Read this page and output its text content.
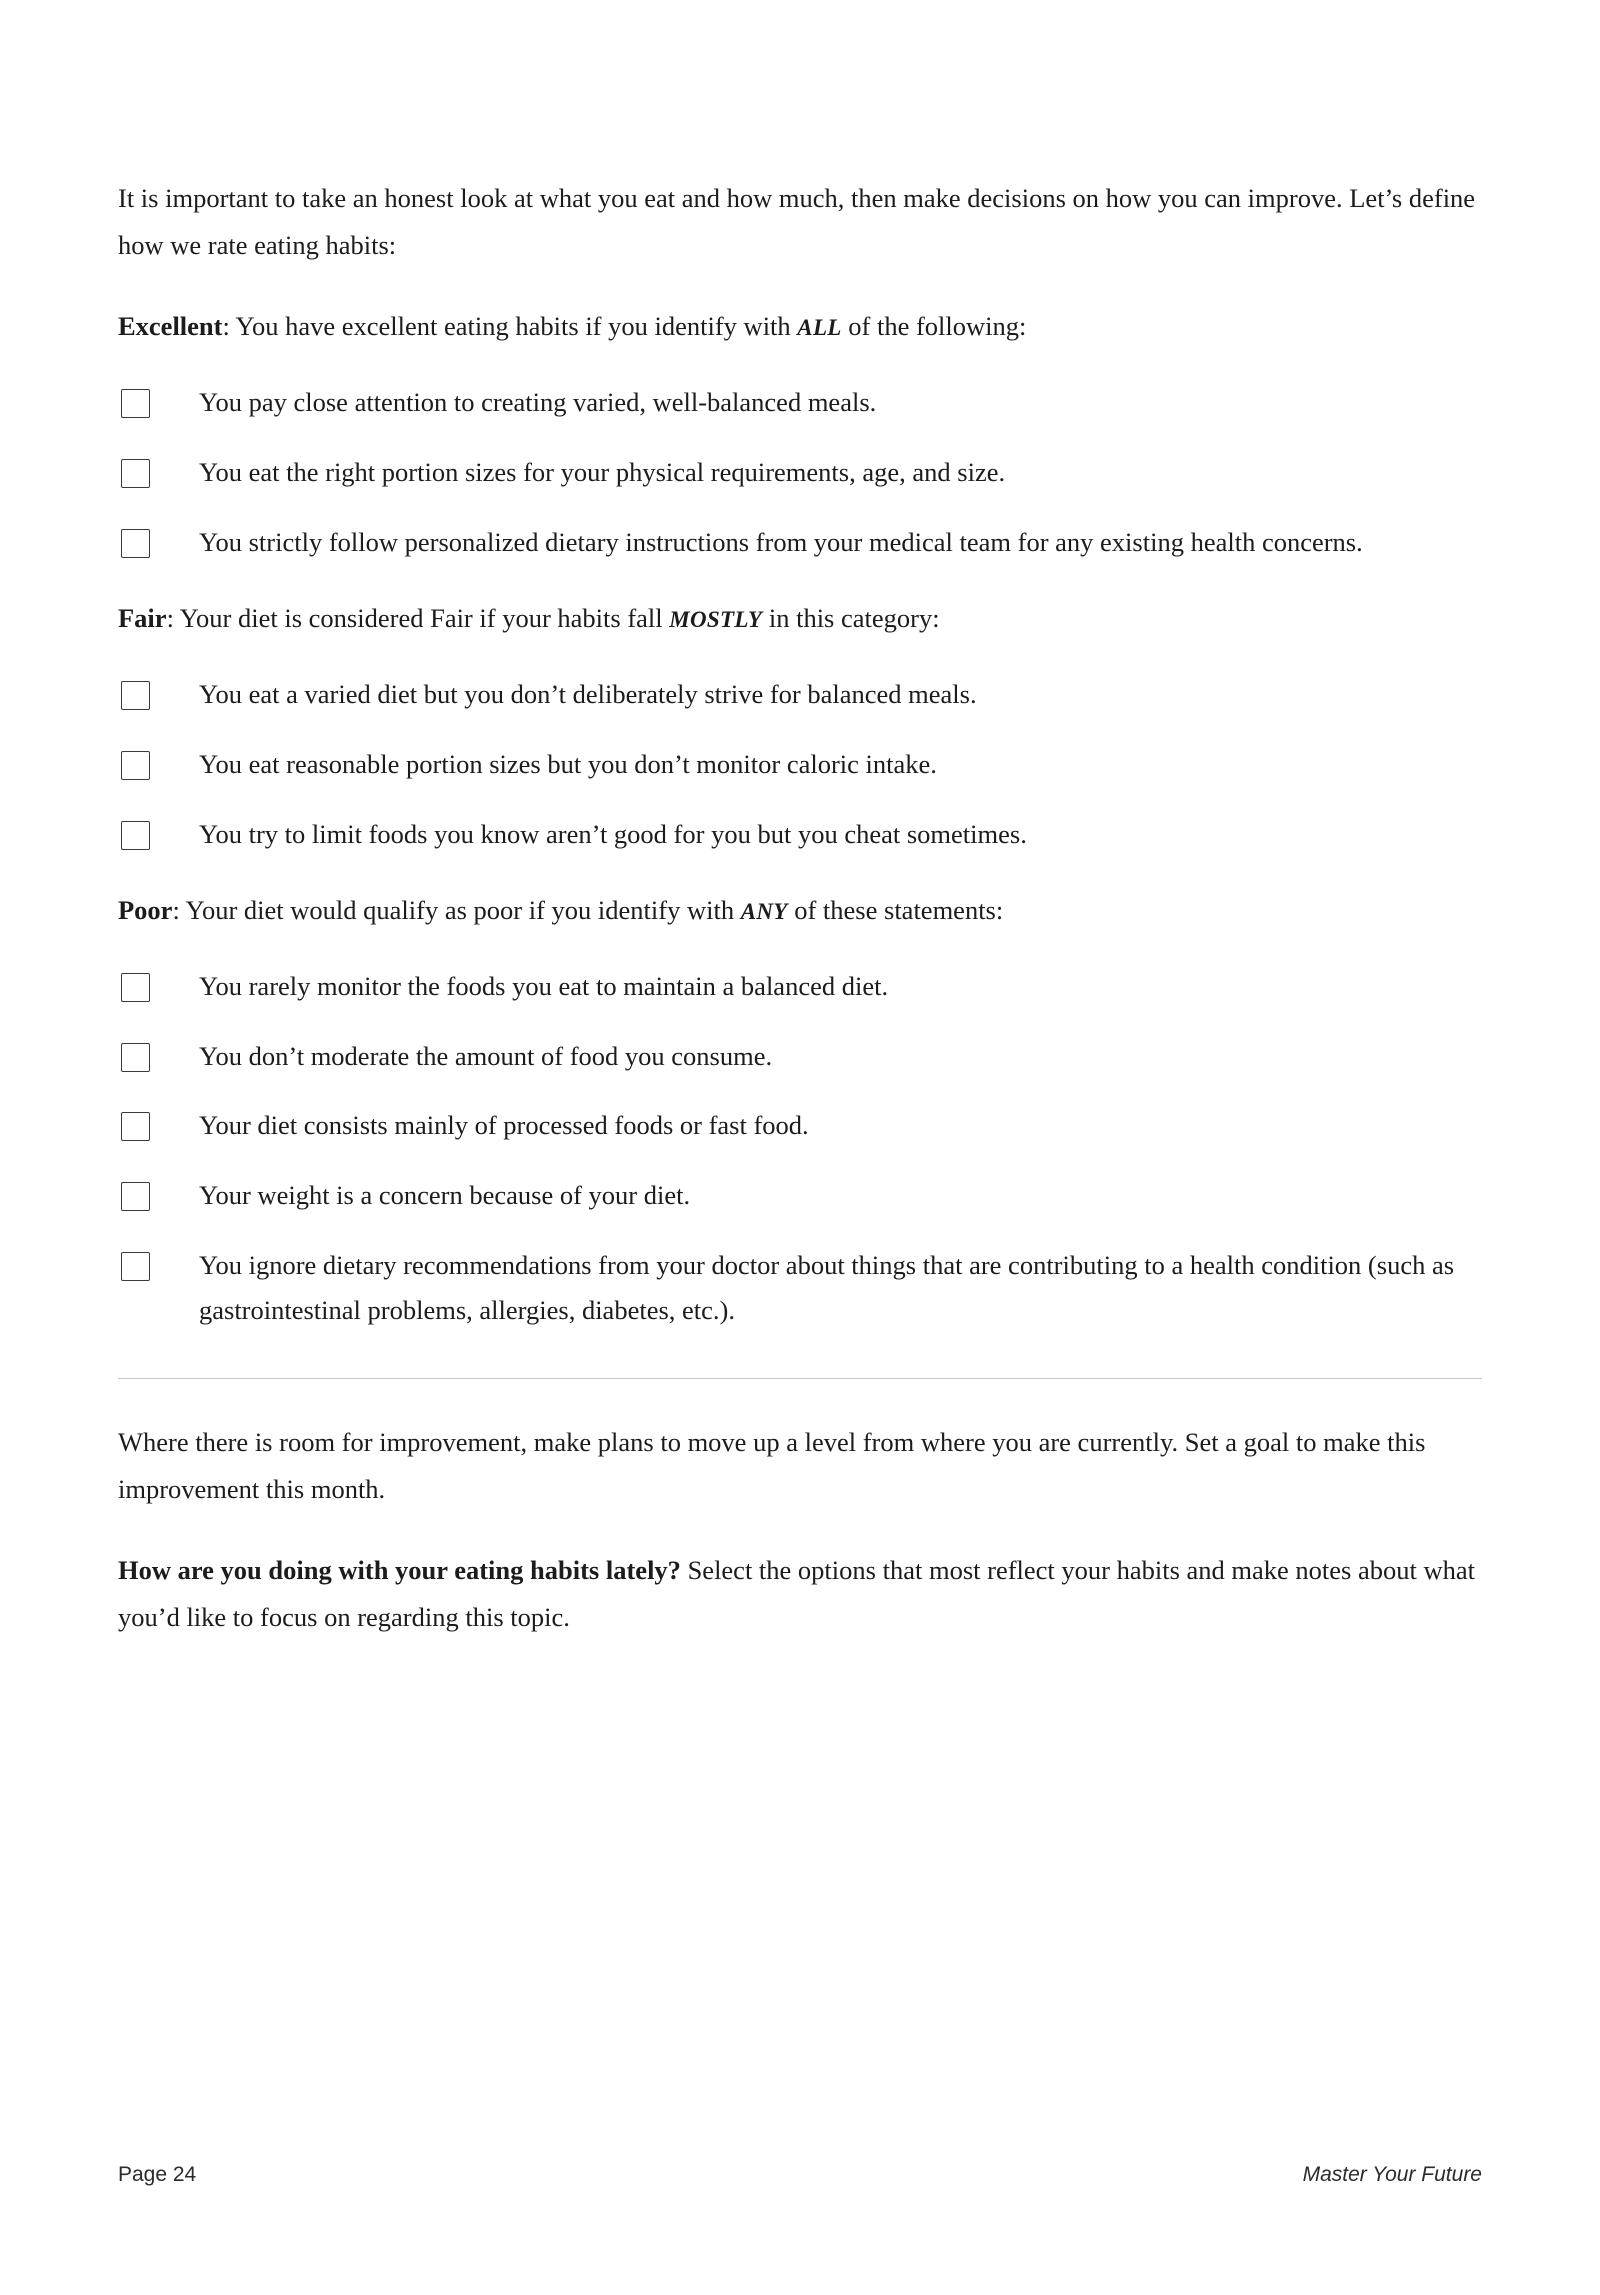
It is important to take an honest look at what you eat and how much, then make decisions on how you can improve. Let’s define how we rate eating habits:

Excellent: You have excellent eating habits if you identify with ALL of the following:

You pay close attention to creating varied, well-balanced meals.
You eat the right portion sizes for your physical requirements, age, and size.
You strictly follow personalized dietary instructions from your medical team for any existing health concerns.

Fair: Your diet is considered Fair if your habits fall MOSTLY in this category:

You eat a varied diet but you don’t deliberately strive for balanced meals.
You eat reasonable portion sizes but you don’t monitor caloric intake.
You try to limit foods you know aren’t good for you but you cheat sometimes.

Poor: Your diet would qualify as poor if you identify with ANY of these statements:

You rarely monitor the foods you eat to maintain a balanced diet.
You don’t moderate the amount of food you consume.
Your diet consists mainly of processed foods or fast food.
Your weight is a concern because of your diet.
You ignore dietary recommendations from your doctor about things that are contributing to a health condition (such as gastrointestinal problems, allergies, diabetes, etc.).

Where there is room for improvement, make plans to move up a level from where you are currently. Set a goal to make this improvement this month.

How are you doing with your eating habits lately? Select the options that most reflect your habits and make notes about what you’d like to focus on regarding this topic.

Page 24	Master Your Future
